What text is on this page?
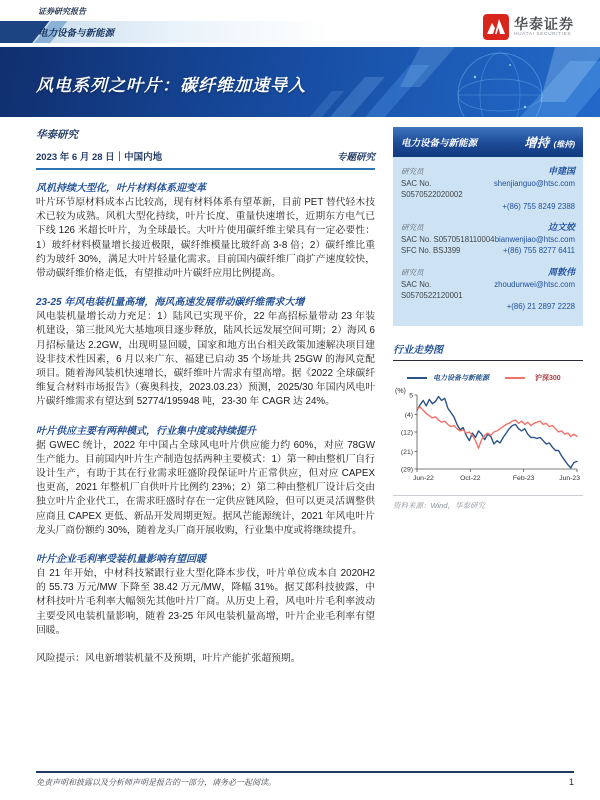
证券研究报告
电力设备与新能源
华泰证券
HUATAI SECURITIES
风电系列之叶片：碳纤维加速导入
华泰研究
2023 年 6 月 28 日｜中国内地	专题研究
风机持续大型化，叶片材料体系迎变革

叶片环节原材料成本占比较高，现有材料体系有望革新，目前 PET 替代轻木技术已较为成熟。风机大型化持续，叶片长度、重量快速增长，近期东方电气已下线 126 米超长叶片，为全球最长。大叶片使用碳纤维主梁具有一定必要性：1）玻纤材料模量增长接近极限，碳纤维模量比玻纤高 3-8 倍；2）碳纤维比重约为玻纤 30%，满足大叶片轻量化需求。目前国内碳纤维厂商扩产速度较快，带动碳纤维价格走低，有望推动叶片碳纤应用比例提高。

23-25 年风电装机量高增，海风高速发展带动碳纤维需求大增

风电装机量增长动力充足：1）陆风已实现平价，22 年高招标量带动 23 年装机建设，第三批风光大基地项目逐步释放，陆风长远发展空间可期；2）海风 6 月招标量达 2.2GW，出现明显回暖，国家和地方出台相关政策加速解决项目建设非技术性因素，6 月以来广东、福建已启动 35 个场址共 25GW 的海风竞配项目。随着海风装机快速增长，碳纤维叶片需求有望高增。据《2022 全球碳纤维复合材料市场报告》（赛奥科技，2023.03.23）预测，2025/30 年国内风电叶片碳纤维需求有望达到 52774/195948 吨，23-30 年 CAGR 达 24%。

叶片供应主要有两种模式，行业集中度或持续提升

据 GWEC 统计，2022 年中国占全球风电叶片供应能力约 60%，对应 78GW 生产能力。目前国内叶片生产制造包括两种主要模式：1）第一种由整机厂自行设计生产，有助于其在行业需求旺盛阶段保证叶片正常供应，但对应 CAPEX 也更高，2021 年整机厂自供叶片比例约 23%；2）第二种由整机厂设计后交由独立叶片企业代工，在需求旺盛时存在一定供应链风险，但可以更灵活调整供应商且 CAPEX 更低、新品开发周期更短。据风芒能源统计，2021 年风电叶片龙头厂商份额约 30%，随着龙头厂商开展收购，行业集中度或将继续提升。

叶片企业毛利率受装机量影响有望回暖

自 21 年开始，中材科技紧跟行业大型化降本步伐，叶片单位成本自 2020H2 的 55.73 万元/MW 下降至 38.42 万元/MW，降幅 31%。据艾郎科技披露，中材科技叶片毛利率大幅领先其他叶片厂商。从历史上看，风电叶片毛利率波动主要受风电装机量影响，随着 23-25 年风电装机量高增，叶片企业毛利率有望回暖。

风险提示：风电新增装机量不及预期，叶片产能扩张超预期。
电力设备与新能源	增持 (维持)
研究员	申建国
SAC No. S0570522020002
shenjianguo@htsc.com
+(86) 755 8249 2388
研究员	边文姣
SAC No. S0570518110004 bianwenjiao@htsc.com
SFC No. BSJ399	+(86) 755 8277 6411
研究员	周敦伟
SAC No. S0570522120001
zhoudunwei@htsc.com
+(86) 21 2897 2228
行业走势图
电力设备与新能源	沪深300
(%)
5
(4)
(12)
(21)
(29)
Jun-22	Oct-22	Feb-23	Jun-23
资料来源：Wind，华泰研究
免责声明和披露以及分析师声明是报告的一部分，请务必一起阅读。	1
